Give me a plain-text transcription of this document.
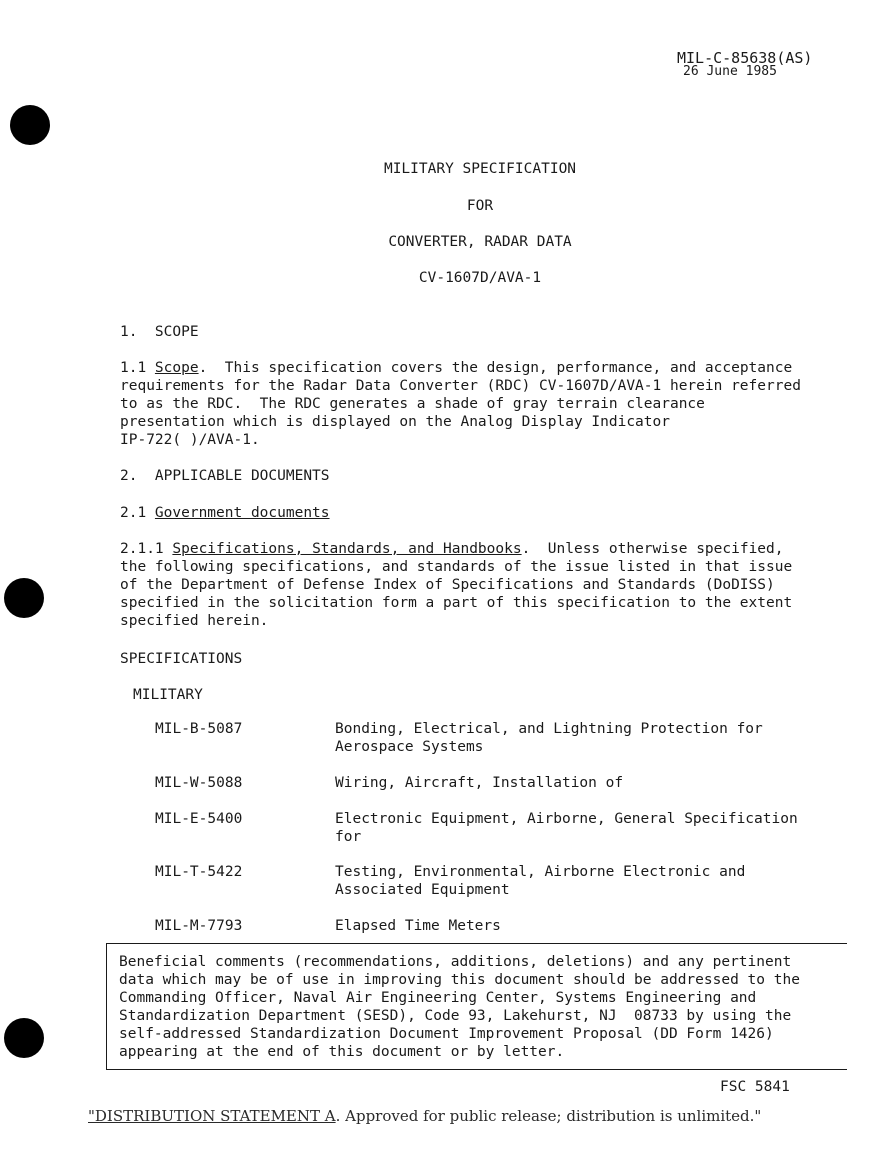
MIL-C-85638(AS)
26 June 1985
MILITARY SPECIFICATION
FOR
CONVERTER, RADAR DATA
CV-1607D/AVA-1
1.  SCOPE
1.1 Scope.  This specification covers the design, performance, and acceptance
requirements for the Radar Data Converter (RDC) CV-1607D/AVA-1 herein referred
to as the RDC.  The RDC generates a shade of gray terrain clearance
presentation which is displayed on the Analog Display Indicator
IP-722( )/AVA-1.
2.  APPLICABLE DOCUMENTS
2.1 Government documents
2.1.1 Specifications, Standards, and Handbooks.  Unless otherwise specified,
the following specifications, and standards of the issue listed in that issue
of the Department of Defense Index of Specifications and Standards (DoDISS)
specified in the solicitation form a part of this specification to the extent
specified herein.
SPECIFICATIONS
MILITARY
MIL-B-5087	Bonding, Electrical, and Lightning Protection for
Aerospace Systems
MIL-W-5088	Wiring, Aircraft, Installation of
MIL-E-5400	Electronic Equipment, Airborne, General Specification
for
MIL-T-5422	Testing, Environmental, Airborne Electronic and
Associated Equipment
MIL-M-7793	Elapsed Time Meters
Beneficial comments (recommendations, additions, deletions) and any pertinent
data which may be of use in improving this document should be addressed to the
Commanding Officer, Naval Air Engineering Center, Systems Engineering and
Standardization Department (SESD), Code 93, Lakehurst, NJ  08733 by using the
self-addressed Standardization Document Improvement Proposal (DD Form 1426)
appearing at the end of this document or by letter.
FSC 5841
"DISTRIBUTION STATEMENT A. Approved for public release; distribution is unlimited."
